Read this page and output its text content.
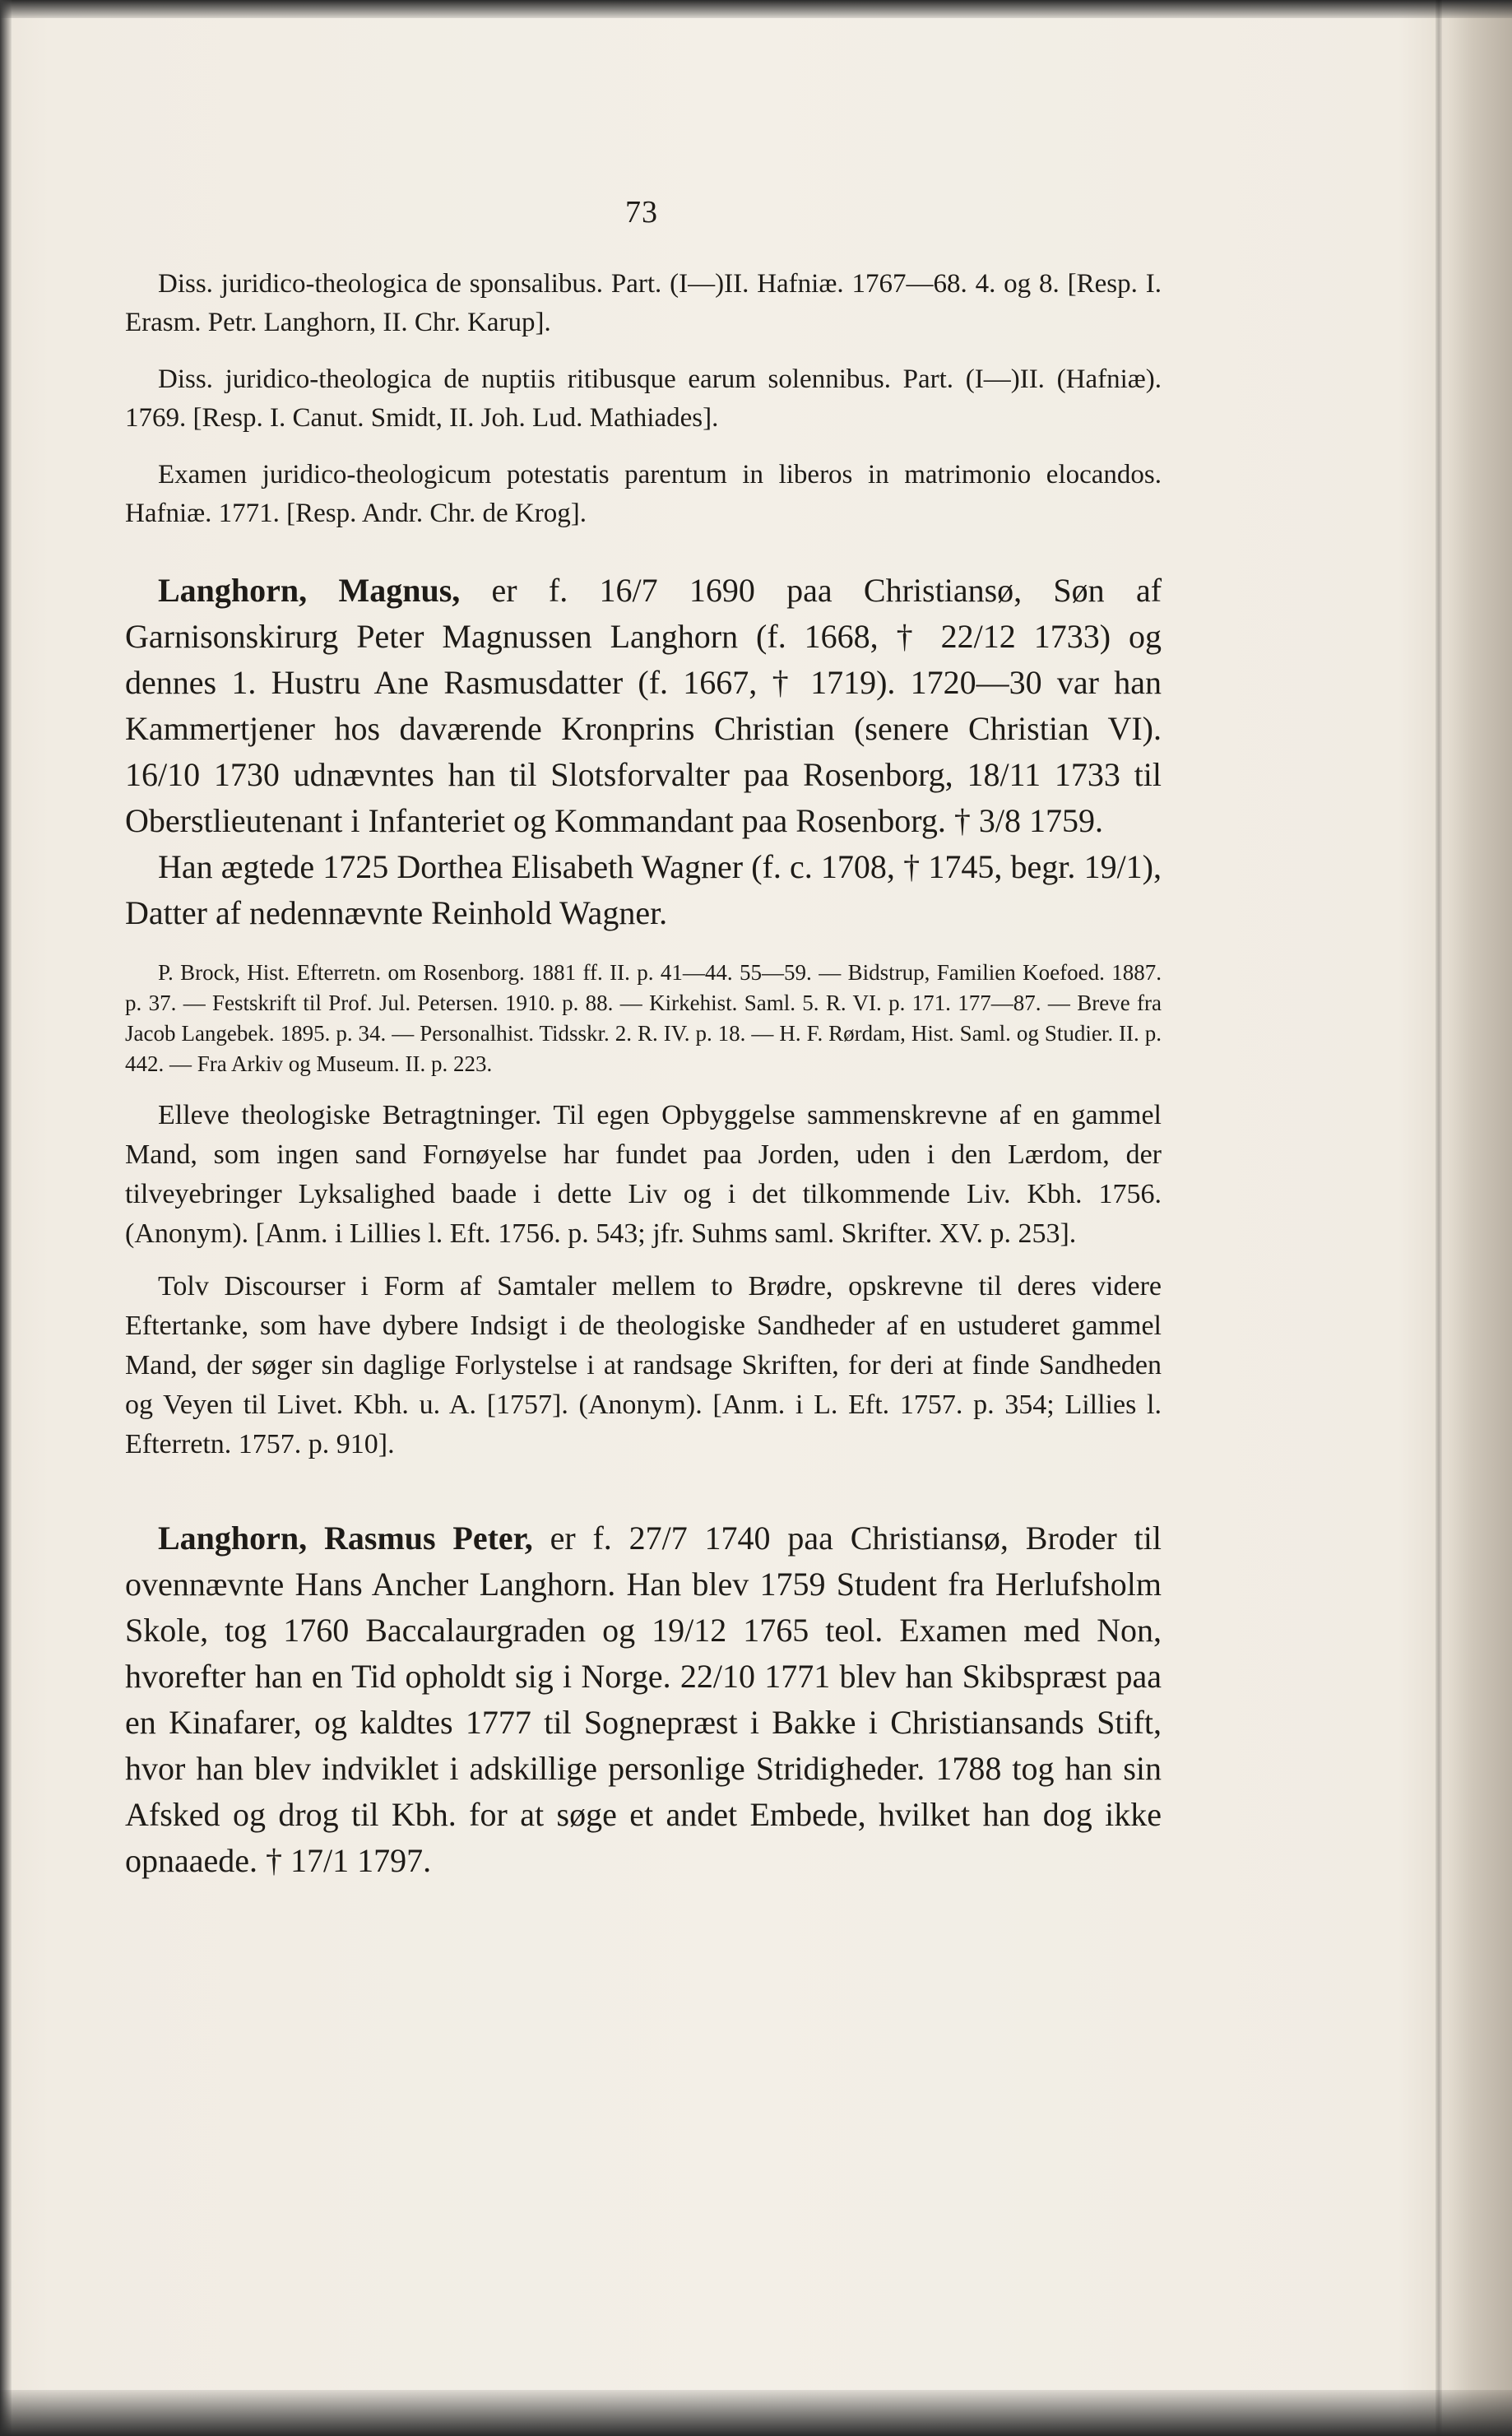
73

Diss. juridico-theologica de sponsalibus. Part. (I—)II. Hafniæ. 1767—68. 4. og 8. [Resp. I. Erasm. Petr. Langhorn, II. Chr. Karup].

Diss. juridico-theologica de nuptiis ritibusque earum solennibus. Part. (I—)II. (Hafniæ). 1769. [Resp. I. Canut. Smidt, II. Joh. Lud. Mathiades].

Examen juridico-theologicum potestatis parentum in liberos in matrimonio elocandos. Hafniæ. 1771. [Resp. Andr. Chr. de Krog].

Langhorn, Magnus, er f. 16/7 1690 paa Christiansø, Søn af Garnisonskirurg Peter Magnussen Langhorn (f. 1668, † 22/12 1733) og dennes 1. Hustru Ane Rasmusdatter (f. 1667, † 1719). 1720—30 var han Kammertjener hos daværende Kronprins Christian (senere Christian VI). 16/10 1730 udnævntes han til Slotsforvalter paa Rosenborg, 18/11 1733 til Oberstlieutenant i Infanteriet og Kommandant paa Rosenborg. † 3/8 1759.

Han ægtede 1725 Dorthea Elisabeth Wagner (f. c. 1708, † 1745, begr. 19/1), Datter af nedennævnte Reinhold Wagner.

P. Brock, Hist. Efterretn. om Rosenborg. 1881 ff. II. p. 41—44. 55—59. — Bidstrup, Familien Koefoed. 1887. p. 37. — Festskrift til Prof. Jul. Petersen. 1910. p. 88. — Kirkehist. Saml. 5. R. VI. p. 171. 177—87. — Breve fra Jacob Langebek. 1895. p. 34. — Personalhist. Tidsskr. 2. R. IV. p. 18. — H. F. Rørdam, Hist. Saml. og Studier. II. p. 442. — Fra Arkiv og Museum. II. p. 223.

Elleve theologiske Betragtninger. Til egen Opbyggelse sammenskrevne af en gammel Mand, som ingen sand Fornøyelse har fundet paa Jorden, uden i den Lærdom, der tilveyebringer Lyksalighed baade i dette Liv og i det tilkommende Liv. Kbh. 1756. (Anonym). [Anm. i Lillies l. Eft. 1756. p. 543; jfr. Suhms saml. Skrifter. XV. p. 253].

Tolv Discourser i Form af Samtaler mellem to Brødre, opskrevne til deres videre Eftertanke, som have dybere Indsigt i de theologiske Sandheder af en ustuderet gammel Mand, der søger sin daglige Forlystelse i at randsage Skriften, for deri at finde Sandheden og Veyen til Livet. Kbh. u. A. [1757]. (Anonym). [Anm. i L. Eft. 1757. p. 354; Lillies l. Efterretn. 1757. p. 910].

Langhorn, Rasmus Peter, er f. 27/7 1740 paa Christiansø, Broder til ovennævnte Hans Ancher Langhorn. Han blev 1759 Student fra Herlufsholm Skole, tog 1760 Baccalaurgraden og 19/12 1765 teol. Examen med Non, hvorefter han en Tid opholdt sig i Norge. 22/10 1771 blev han Skibspræst paa en Kinafarer, og kaldtes 1777 til Sognepræst i Bakke i Christiansands Stift, hvor han blev indviklet i adskillige personlige Stridigheder. 1788 tog han sin Afsked og drog til Kbh. for at søge et andet Embede, hvilket han dog ikke opnaaede. † 17/1 1797.
